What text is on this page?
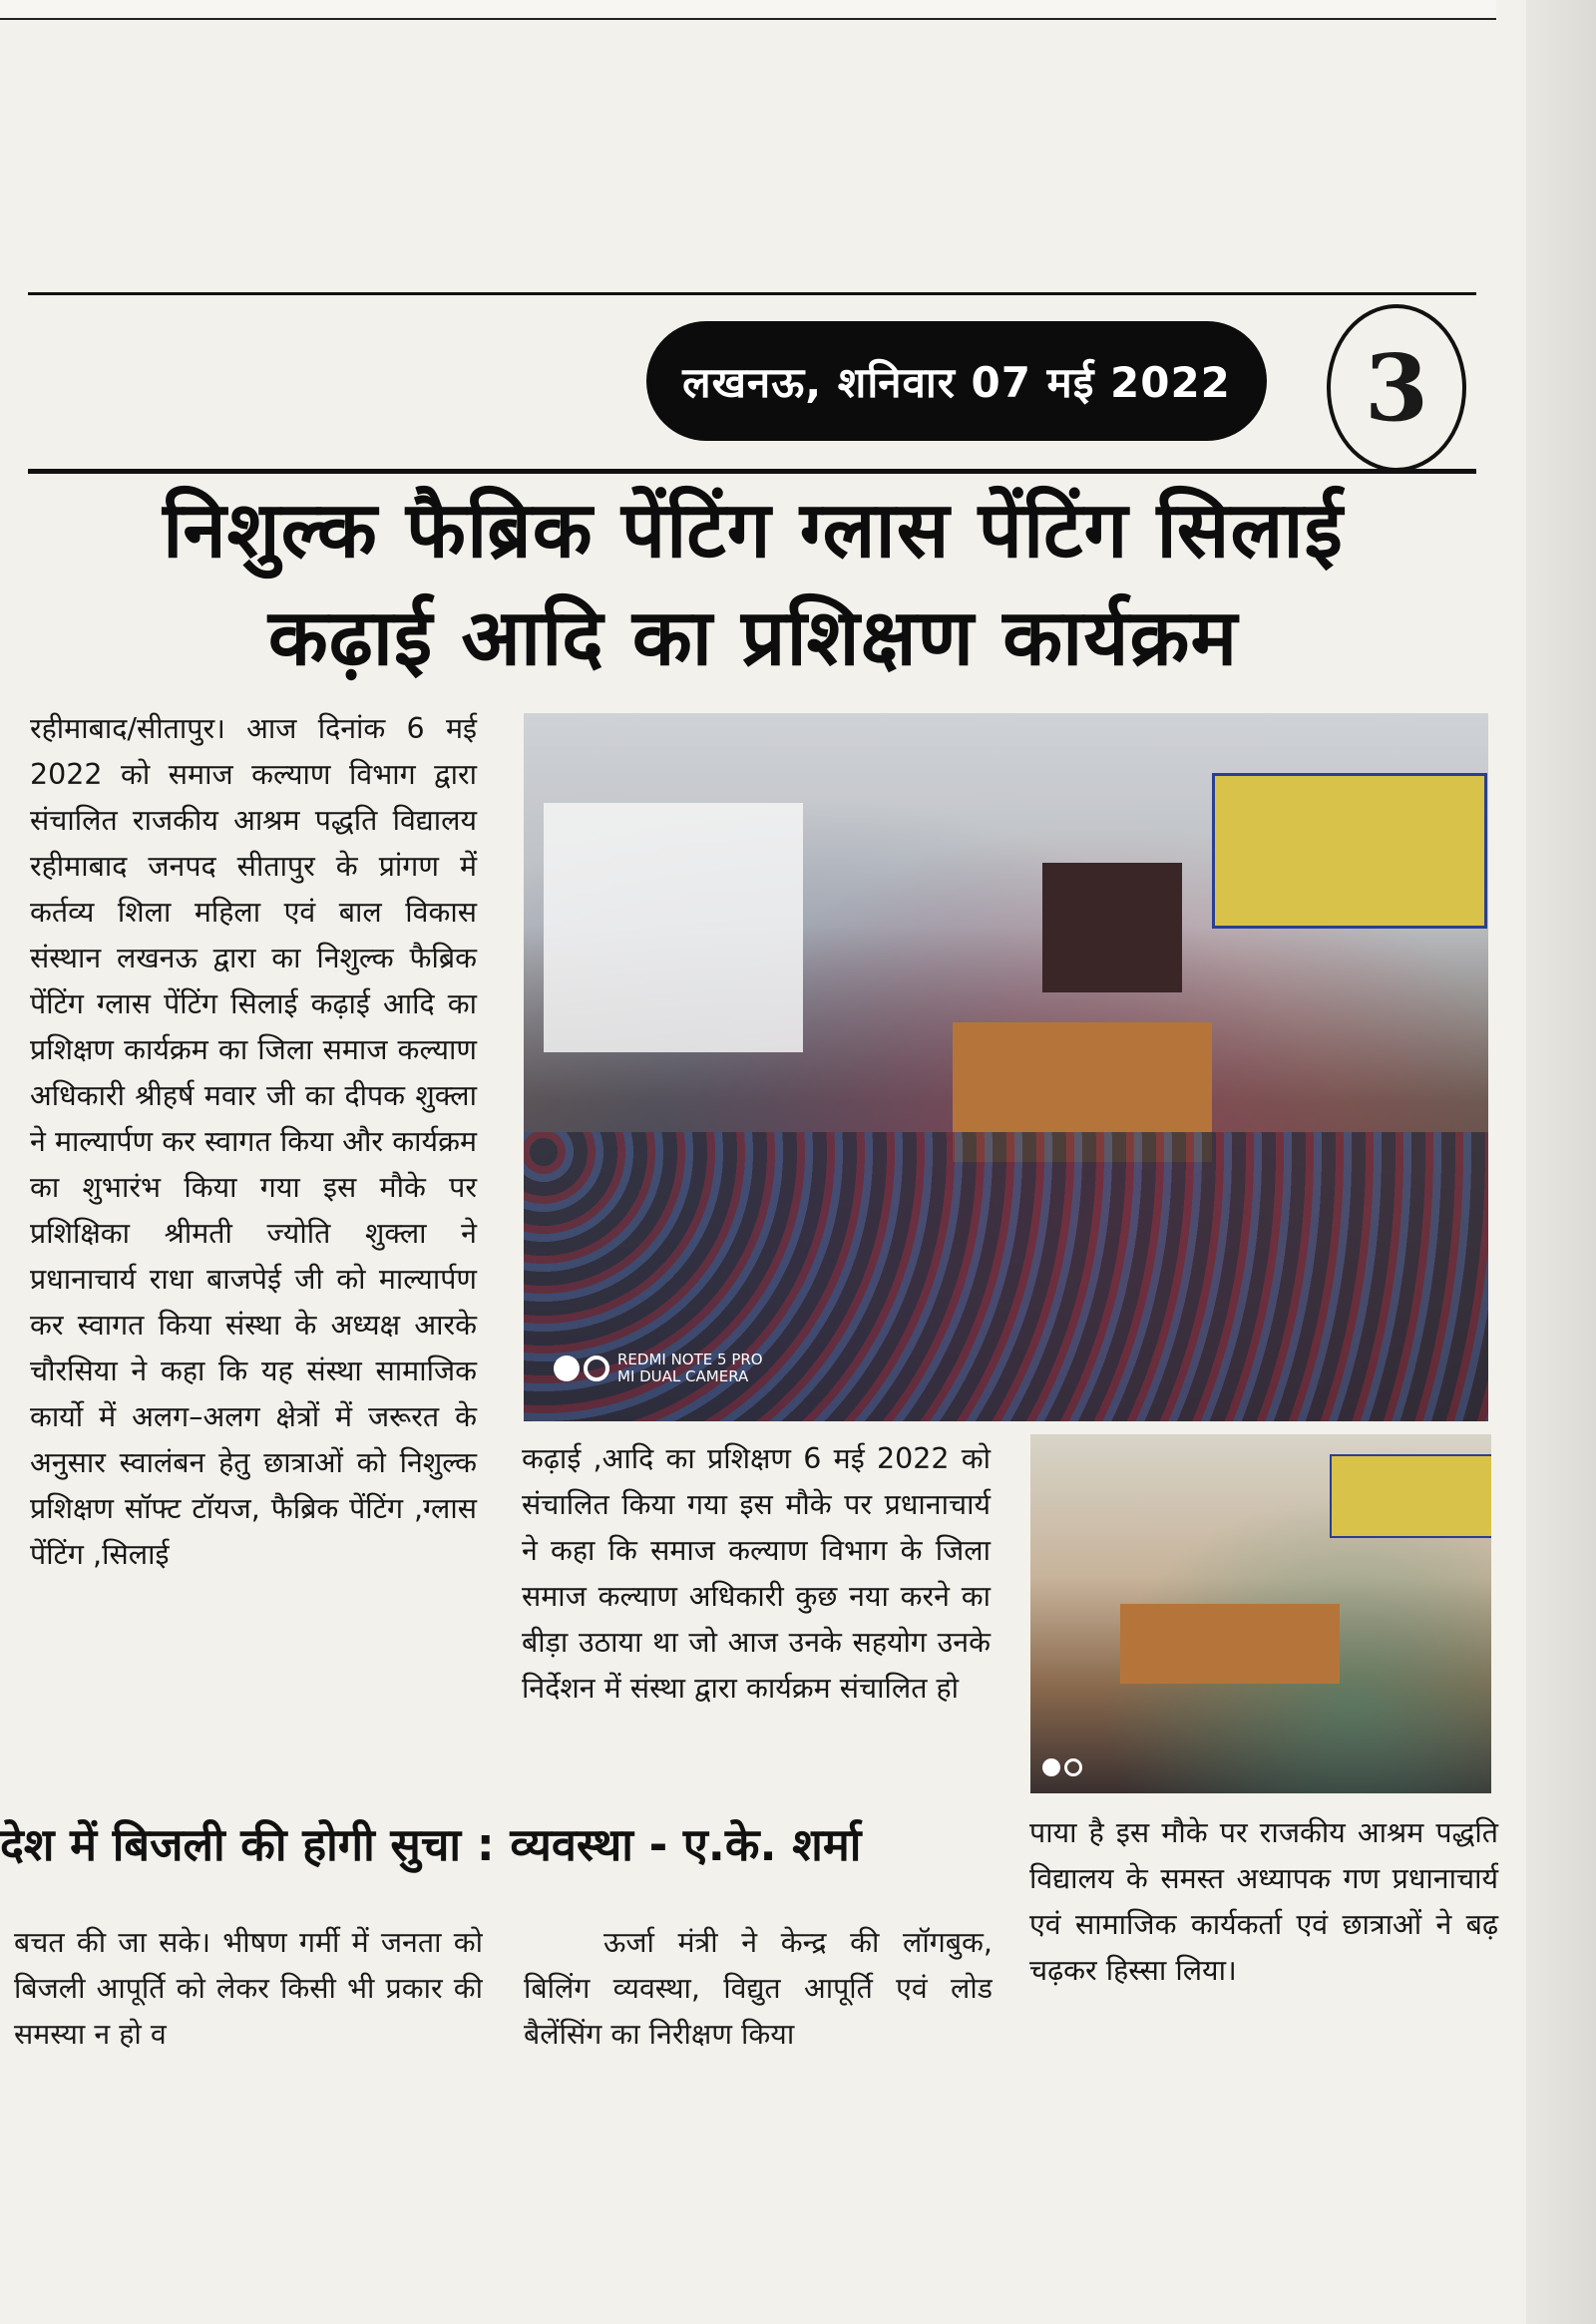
लखनऊ, शनिवार 07 मई 2022	3
निशुल्क फैब्रिक पेंटिंग ग्लास पेंटिंग सिलाई
कढ़ाई आदि का प्रशिक्षण कार्यक्रम

रहीमाबाद/सीतापुर। आज दिनांक 6 मई 2022 को समाज कल्याण विभाग द्वारा संचालित राजकीय आश्रम पद्धति विद्यालय रहीमाबाद जनपद सीतापुर के प्रांगण में कर्तव्य शिला महिला एवं बाल विकास संस्थान लखनऊ द्वारा का निशुल्क फैब्रिक पेंटिंग ग्लास पेंटिंग सिलाई कढ़ाई आदि का प्रशिक्षण कार्यक्रम का जिला समाज कल्याण अधिकारी श्रीहर्ष मवार जी का दीपक शुक्ला ने माल्यार्पण कर स्वागत किया और कार्यक्रम का शुभारंभ किया गया इस मौके पर प्रशिक्षिका श्रीमती ज्योति शुक्ला ने प्रधानाचार्य राधा बाजपेई जी को माल्यार्पण कर स्वागत किया संस्था के अध्यक्ष आरके चौरसिया ने कहा कि यह संस्था सामाजिक कार्यो में अलग–अलग क्षेत्रों में जरूरत के अनुसार स्वालंबन हेतु छात्राओं को निशुल्क प्रशिक्षण सॉफ्ट टॉयज, फैब्रिक पेंटिंग ,ग्लास पेंटिंग ,सिलाई

REDMI NOTE 5 PRO
MI DUAL CAMERA

कढ़ाई ,आदि का प्रशिक्षण 6 मई 2022 को संचालित किया गया इस मौके पर प्रधानाचार्य ने कहा कि समाज कल्याण विभाग के जिला समाज कल्याण अधिकारी कुछ नया करने का बीड़ा उठाया था जो आज उनके सहयोग उनके निर्देशन में संस्था द्वारा कार्यक्रम संचालित हो

पाया है इस मौके पर राजकीय आश्रम पद्धति विद्यालय के समस्त अध्यापक गण प्रधानाचार्य एवं सामाजिक कार्यकर्ता एवं छात्राओं ने बढ़ चढ़कर हिस्सा लिया।

देश में बिजली की होगी सुचा : व्यवस्था - ए.के. शर्मा

बचत की जा सके। भीषण गर्मी में जनता को बिजली आपूर्ति को लेकर किसी भी प्रकार की समस्या न हो व

ऊर्जा मंत्री ने केन्द्र की लॉगबुक, बिलिंग व्यवस्था, विद्युत आपूर्ति एवं लोड बैलेंसिंग का निरीक्षण किया
